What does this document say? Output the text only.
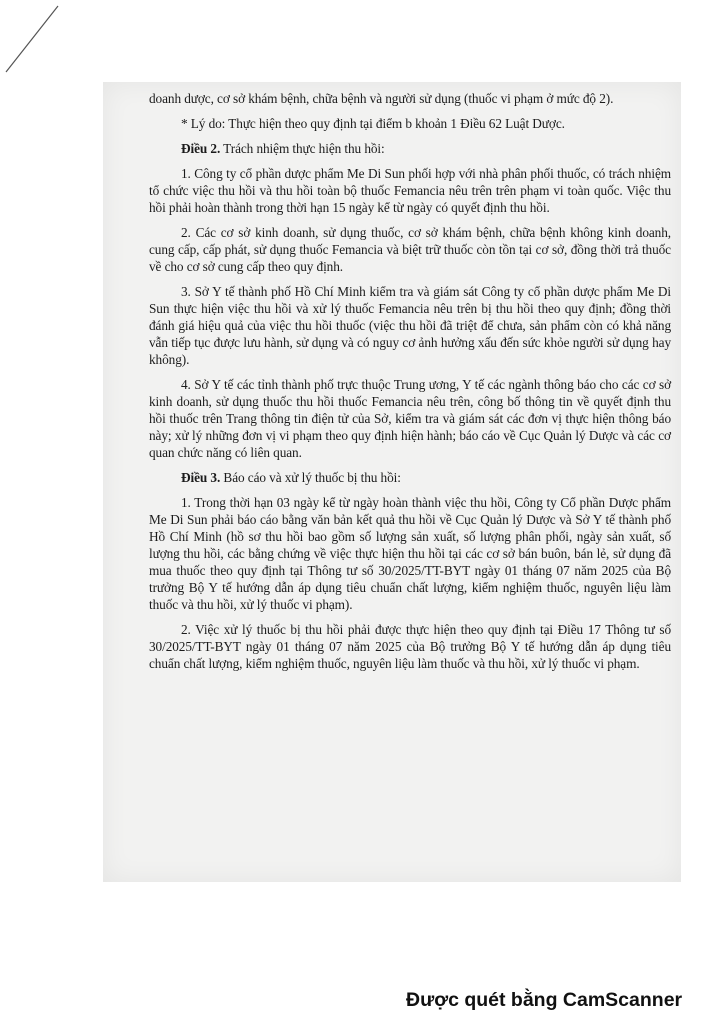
doanh dược, cơ sở khám bệnh, chữa bệnh và người sử dụng (thuốc vi phạm ở mức độ 2).

* Lý do: Thực hiện theo quy định tại điểm b khoản 1 Điều 62 Luật Dược.

Điều 2. Trách nhiệm thực hiện thu hồi:

1. Công ty cổ phần dược phẩm Me Di Sun phối hợp với nhà phân phối thuốc, có trách nhiệm tổ chức việc thu hồi và thu hồi toàn bộ thuốc Femancia nêu trên trên phạm vi toàn quốc. Việc thu hồi phải hoàn thành trong thời hạn 15 ngày kể từ ngày có quyết định thu hồi.

2. Các cơ sở kinh doanh, sử dụng thuốc, cơ sở khám bệnh, chữa bệnh không kinh doanh, cung cấp, cấp phát, sử dụng thuốc Femancia và biệt trữ thuốc còn tồn tại cơ sở, đồng thời trả thuốc về cho cơ sở cung cấp theo quy định.

3. Sở Y tế thành phố Hồ Chí Minh kiểm tra và giám sát Công ty cổ phần dược phẩm Me Di Sun thực hiện việc thu hồi và xử lý thuốc Femancia nêu trên bị thu hồi theo quy định; đồng thời đánh giá hiệu quả của việc thu hồi thuốc (việc thu hồi đã triệt để chưa, sản phẩm còn có khả năng vẫn tiếp tục được lưu hành, sử dụng và có nguy cơ ảnh hưởng xấu đến sức khỏe người sử dụng hay không).

4. Sở Y tế các tỉnh thành phố trực thuộc Trung ương, Y tế các ngành thông báo cho các cơ sở kinh doanh, sử dụng thuốc thu hồi thuốc Femancia nêu trên, công bố thông tin về quyết định thu hồi thuốc trên Trang thông tin điện tử của Sở, kiểm tra và giám sát các đơn vị thực hiện thông báo này; xử lý những đơn vị vi phạm theo quy định hiện hành; báo cáo về Cục Quản lý Dược và các cơ quan chức năng có liên quan.

Điều 3. Báo cáo và xử lý thuốc bị thu hồi:

1. Trong thời hạn 03 ngày kể từ ngày hoàn thành việc thu hồi, Công ty Cổ phần Dược phẩm Me Di Sun phải báo cáo bằng văn bản kết quả thu hồi về Cục Quản lý Dược và Sở Y tế thành phố Hồ Chí Minh (hồ sơ thu hồi bao gồm số lượng sản xuất, số lượng phân phối, ngày sản xuất, số lượng thu hồi, các bằng chứng về việc thực hiện thu hồi tại các cơ sở bán buôn, bán lẻ, sử dụng đã mua thuốc theo quy định tại Thông tư số 30/2025/TT-BYT ngày 01 tháng 07 năm 2025 của Bộ trưởng Bộ Y tế hướng dẫn áp dụng tiêu chuẩn chất lượng, kiểm nghiệm thuốc, nguyên liệu làm thuốc và thu hồi, xử lý thuốc vi phạm).

2. Việc xử lý thuốc bị thu hồi phải được thực hiện theo quy định tại Điều 17 Thông tư số 30/2025/TT-BYT ngày 01 tháng 07 năm 2025 của Bộ trưởng Bộ Y tế hướng dẫn áp dụng tiêu chuẩn chất lượng, kiểm nghiệm thuốc, nguyên liệu làm thuốc và thu hồi, xử lý thuốc vi phạm.

Được quét bằng CamScanner
